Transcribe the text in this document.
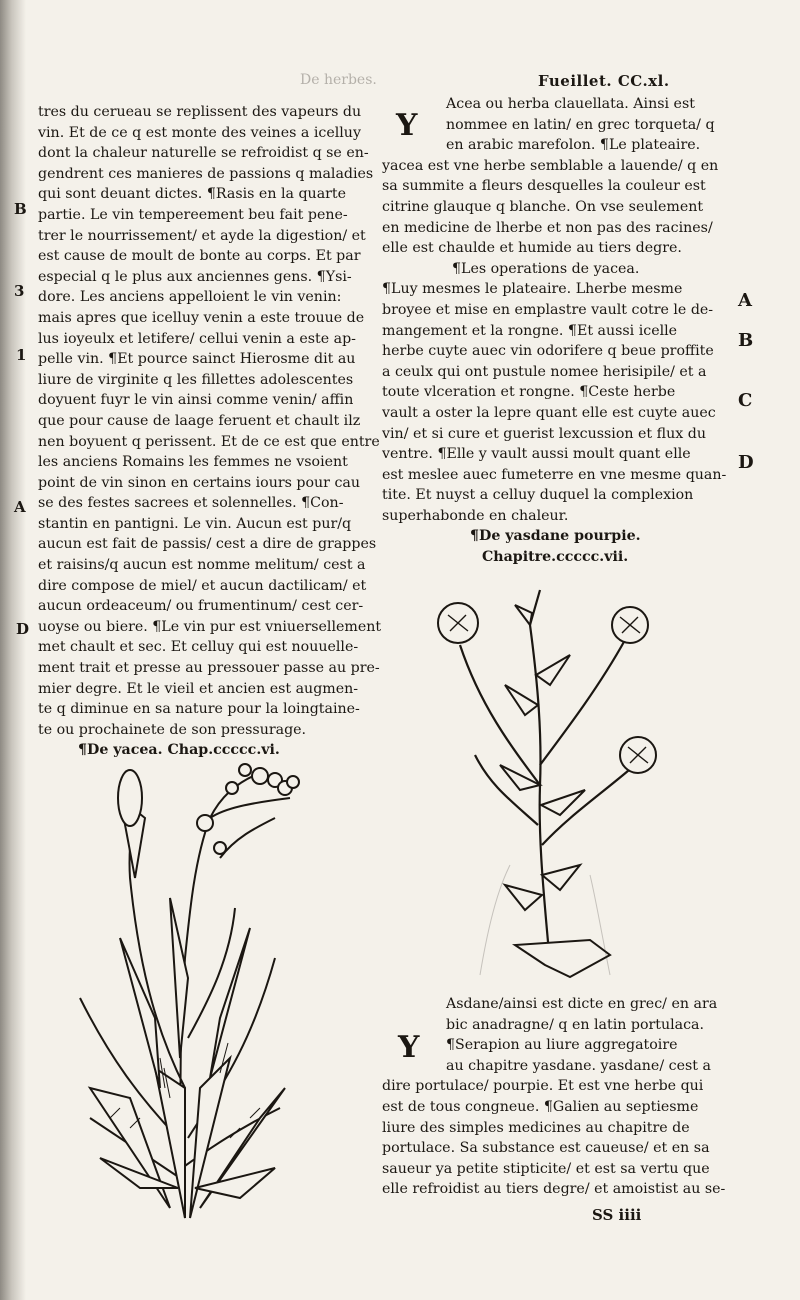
De herbes.	Fueillet. CC.xl.
tres du cerueau se replissent des vapeurs du
vin. Et de ce q est monte des veines a icelluy
dont la chaleur naturelle se refroidist q se en-
gendrent ces manieres de passions q maladies
qui sont deuant dictes. ¶Rasis en la quarte
partie. Le vin tempereement beu fait pene-
trer le nourrissement/ et ayde la digestion/ et
est cause de moult de bonte au corps. Et par
especial q le plus aux anciennes gens. ¶Ysi-
dore. Les anciens appelloient le vin venin:
mais apres que icelluy venin a este trouue de
lus ioyeulx et letifere/ cellui venin a este ap-
pelle vin. ¶Et pource sainct Hierosme dit au
liure de virginite q les fillettes adolescentes
doyuent fuyr le vin ainsi comme venin/ affin
que pour cause de laage feruent et chault ilz
nen boyuent q perissent. Et de ce est que entre
les anciens Romains les femmes ne vsoient
point de vin sinon en certains iours pour cau
se des festes sacrees et solennelles. ¶Con-
stantin en pantigni. Le vin. Aucun est pur/q
aucun est fait de passis/ cest a dire de grappes
et raisins/q aucun est nomme melitum/ cest a
dire compose de miel/ et aucun dactilicam/ et
aucun ordeaceum/ ou frumentinum/ cest cer-
uoyse ou biere. ¶Le vin pur est vniuersellement
met chault et sec. Et celluy qui est nouuelle-
ment trait et presse au pressouer passe au pre-
mier degre. Et le vieil et ancien est augmen-
te q diminue en sa nature pour la loingtaine-
te ou prochainete de son pressurage.
¶De yacea. Chap.ccccc.vi.
B
3
1
A
D
Y
Acea ou herba clauellata. Ainsi est
nommee en latin/ en grec torqueta/ q
en arabic marefolon. ¶Le plateaire.
yacea est vne herbe semblable a lauende/ q en
sa summite a fleurs desquelles la couleur est
citrine glauque q blanche. On vse seulement
en medicine de lherbe et non pas des racines/
elle est chaulde et humide au tiers degre.
¶Les operations de yacea.
¶Luy mesmes le plateaire. Lherbe mesme
broyee et mise en emplastre vault cotre le de-
mangement et la rongne. ¶Et aussi icelle
herbe cuyte auec vin odorifere q beue proffite
a ceulx qui ont pustule nomee herisipile/ et a
toute vlceration et rongne. ¶Ceste herbe
vault a oster la lepre quant elle est cuyte auec
vin/ et si cure et guerist lexcussion et flux du
ventre. ¶Elle y vault aussi moult quant elle
est meslee auec fumeterre en vne mesme quan-
tite. Et nuyst a celluy duquel la complexion
superhabonde en chaleur.
¶De yasdane pourpie.
Chapitre.ccccc.vii.
A
B
C
D
Y
Asdane/ainsi est dicte en grec/ en ara
bic anadragne/ q en latin portulaca.
¶Serapion au liure aggregatoire
au chapitre yasdane. yasdane/ cest a
dire portulace/ pourpie. Et est vne herbe qui
est de tous congneue. ¶Galien au septiesme
liure des simples medicines au chapitre de
portulace. Sa substance est caueuse/ et en sa
saueur ya petite stipticite/ et est sa vertu que
elle refroidist au tiers degre/ et amoistist au se-
SS iiii
